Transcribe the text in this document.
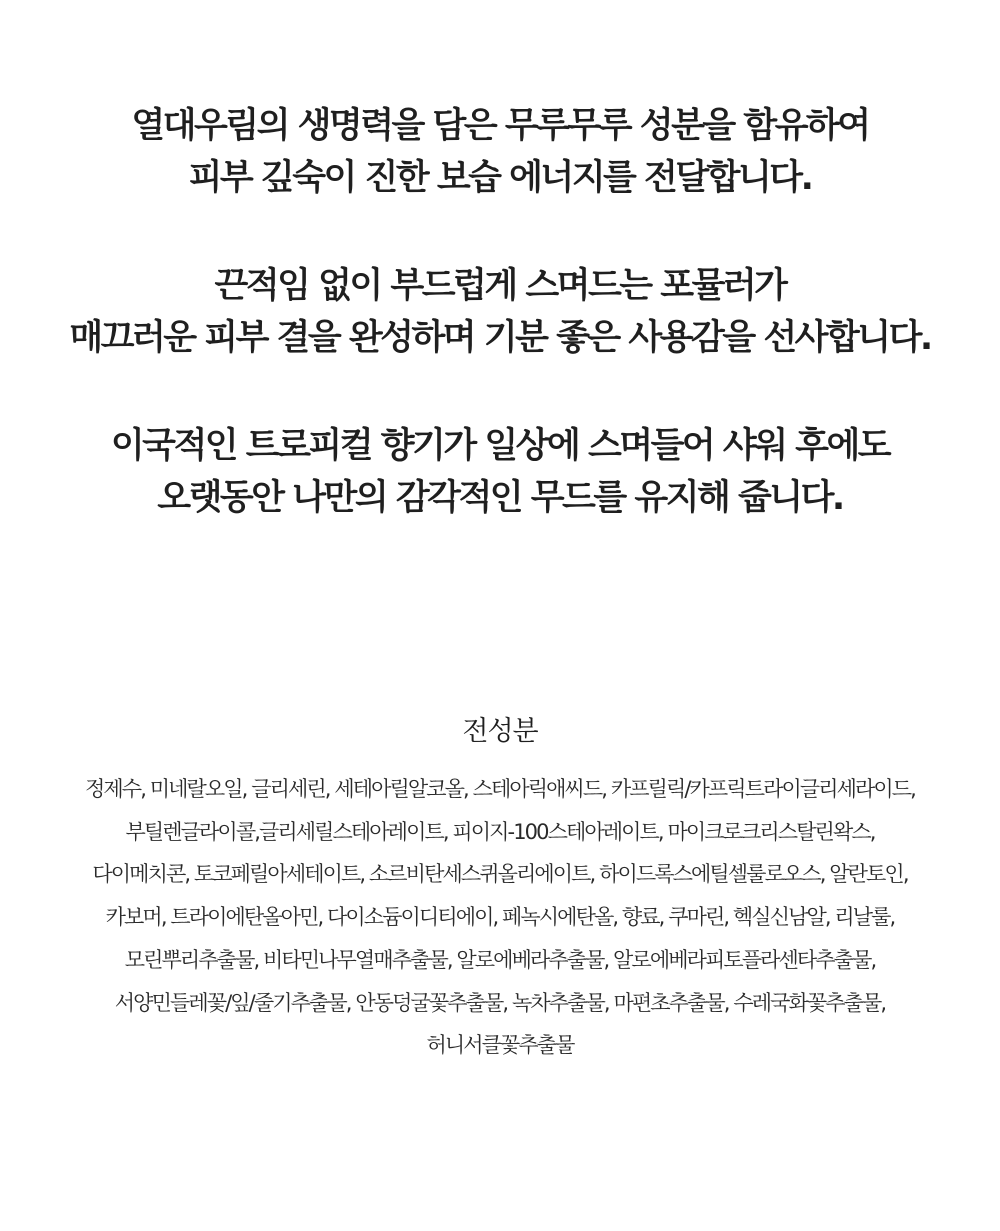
열대우림의 생명력을 담은 무루무루 성분을 함유하여
피부 깊숙이 진한 보습 에너지를 전달합니다.
끈적임 없이 부드럽게 스며드는 포뮬러가
매끄러운 피부 결을 완성하며 기분 좋은 사용감을 선사합니다.
이국적인 트로피컬 향기가 일상에 스며들어 샤워 후에도
오랫동안 나만의 감각적인 무드를 유지해 줍니다.
전성분
정제수, 미네랄오일, 글리세린, 세테아릴알코올, 스테아릭애씨드, 카프릴릭/카프릭트라이글리세라이드,
부틸렌글라이콜,글리세릴스테아레이트, 피이지-100스테아레이트, 마이크로크리스탈린왁스,
다이메치콘, 토코페릴아세테이트, 소르비탄세스퀴올리에이트, 하이드록스에틸셀룰로오스, 알란토인,
카보머, 트라이에탄올아민, 다이소듐이디티에이, 페녹시에탄올, 향료, 쿠마린, 헥실신남알, 리날룰,
모린뿌리추출물, 비타민나무열매추출물, 알로에베라추출물, 알로에베라피토플라센타추출물,
서양민들레꽃/잎/줄기추출물, 안동덩굴꽃추출물, 녹차추출물, 마편초추출물, 수레국화꽃추출물,
허니서클꽃추출물
